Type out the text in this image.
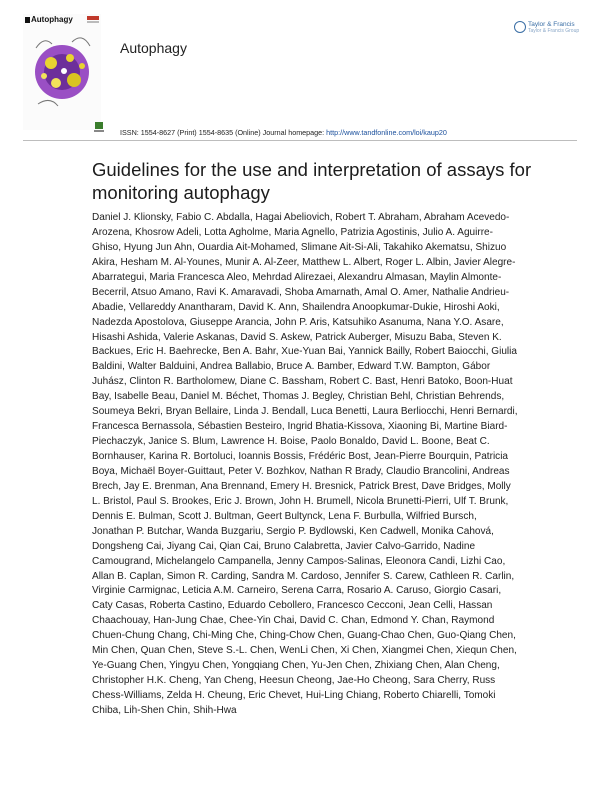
Autophagy
Autophagy
Taylor & Francis
Taylor & Francis Group
ISSN: 1554-8627 (Print) 1554-8635 (Online) Journal homepage: http://www.tandfonline.com/loi/kaup20
Guidelines for the use and interpretation of assays for monitoring autophagy

Daniel J. Klionsky, Fabio C. Abdalla, Hagai Abeliovich, Robert T. Abraham, Abraham Acevedo-Arozena, Khosrow Adeli, Lotta Agholme, Maria Agnello, Patrizia Agostinis, Julio A. Aguirre-Ghiso, Hyung Jun Ahn, Ouardia Ait-Mohamed, Slimane Ait-Si-Ali, Takahiko Akematsu, Shizuo Akira, Hesham M. Al-Younes, Munir A. Al-Zeer, Matthew L. Albert, Roger L. Albin, Javier Alegre-Abarrategui, Maria Francesca Aleo, Mehrdad Alirezaei, Alexandru Almasan, Maylin Almonte-Becerril, Atsuo Amano, Ravi K. Amaravadi, Shoba Amarnath, Amal O. Amer, Nathalie Andrieu-Abadie, Vellareddy Anantharam, David K. Ann, Shailendra Anoopkumar-Dukie, Hiroshi Aoki, Nadezda Apostolova, Giuseppe Arancia, John P. Aris, Katsuhiko Asanuma, Nana Y.O. Asare, Hisashi Ashida, Valerie Askanas, David S. Askew, Patrick Auberger, Misuzu Baba, Steven K. Backues, Eric H. Baehrecke, Ben A. Bahr, Xue-Yuan Bai, Yannick Bailly, Robert Baiocchi, Giulia Baldini, Walter Balduini, Andrea Ballabio, Bruce A. Bamber, Edward T.W. Bampton, Gábor Juhász, Clinton R. Bartholomew, Diane C. Bassham, Robert C. Bast, Henri Batoko, Boon-Huat Bay, Isabelle Beau, Daniel M. Béchet, Thomas J. Begley, Christian Behl, Christian Behrends, Soumeya Bekri, Bryan Bellaire, Linda J. Bendall, Luca Benetti, Laura Berliocchi, Henri Bernardi, Francesca Bernassola, Sébastien Besteiro, Ingrid Bhatia-Kissova, Xiaoning Bi, Martine Biard-Piechaczyk, Janice S. Blum, Lawrence H. Boise, Paolo Bonaldo, David L. Boone, Beat C. Bornhauser, Karina R. Bortoluci, Ioannis Bossis, Frédéric Bost, Jean-Pierre Bourquin, Patricia Boya, Michaël Boyer-Guittaut, Peter V. Bozhkov, Nathan R Brady, Claudio Brancolini, Andreas Brech, Jay E. Brenman, Ana Brennand, Emery H. Bresnick, Patrick Brest, Dave Bridges, Molly L. Bristol, Paul S. Brookes, Eric J. Brown, John H. Brumell, Nicola Brunetti-Pierri, Ulf T. Brunk, Dennis E. Bulman, Scott J. Bultman, Geert Bultynck, Lena F. Burbulla, Wilfried Bursch, Jonathan P. Butchar, Wanda Buzgariu, Sergio P. Bydlowski, Ken Cadwell, Monika Cahová, Dongsheng Cai, Jiyang Cai, Qian Cai, Bruno Calabretta, Javier Calvo-Garrido, Nadine Camougrand, Michelangelo Campanella, Jenny Campos-Salinas, Eleonora Candi, Lizhi Cao, Allan B. Caplan, Simon R. Carding, Sandra M. Cardoso, Jennifer S. Carew, Cathleen R. Carlin, Virginie Carmignac, Leticia A.M. Carneiro, Serena Carra, Rosario A. Caruso, Giorgio Casari, Caty Casas, Roberta Castino, Eduardo Cebollero, Francesco Cecconi, Jean Celli, Hassan Chaachouay, Han-Jung Chae, Chee-Yin Chai, David C. Chan, Edmond Y. Chan, Raymond Chuen-Chung Chang, Chi-Ming Che, Ching-Chow Chen, Guang-Chao Chen, Guo-Qiang Chen, Min Chen, Quan Chen, Steve S.-L. Chen, WenLi Chen, Xi Chen, Xiangmei Chen, Xiequn Chen, Ye-Guang Chen, Yingyu Chen, Yongqiang Chen, Yu-Jen Chen, Zhixiang Chen, Alan Cheng, Christopher H.K. Cheng, Yan Cheng, Heesun Cheong, Jae-Ho Cheong, Sara Cherry, Russ Chess-Williams, Zelda H. Cheung, Eric Chevet, Hui-Ling Chiang, Roberto Chiarelli, Tomoki Chiba, Lih-Shen Chin, Shih-Hwa
